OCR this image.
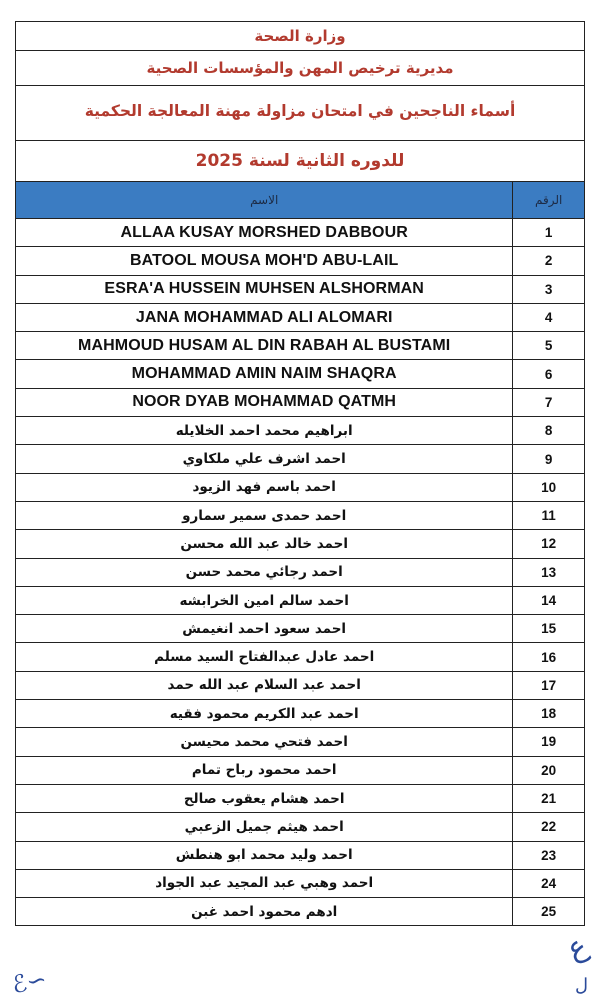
وزارة الصحة
مديرية ترخيص المهن والمؤسسات الصحية
أسماء الناجحين في امتحان مزاولة مهنة المعالجة الحكمية
للدوره الثانية لسنة 2025
الاسم	الرقم
ALLAA KUSAY MORSHED DABBOUR	1
BATOOL MOUSA MOH'D ABU-LAIL	2
ESRA'A HUSSEIN MUHSEN ALSHORMAN	3
JANA MOHAMMAD ALI ALOMARI	4
MAHMOUD HUSAM AL DIN RABAH AL BUSTAMI	5
MOHAMMAD AMIN NAIM SHAQRA	6
NOOR DYAB MOHAMMAD QATMH	7
ابراهيم محمد احمد الخلايله	8
احمد اشرف علي ملكاوي	9
احمد باسم فهد الزيود	10
احمد حمدى سمير سمارو	11
احمد خالد عبد الله محسن	12
احمد رجائي محمد حسن	13
احمد سالم امين الخرابشه	14
احمد سعود احمد انغيمش	15
احمد عادل عبدالفتاح السيد مسلم	16
احمد عبد السلام عبد الله حمد	17
احمد عبد الكريم محمود فقيه	18
احمد فتحي محمد محيسن	19
احمد محمود رباح تمام	20
احمد هشام يعقوب صالح	21
احمد هيثم جميل الزعبي	22
احمد وليد محمد ابو هنطش	23
احمد وهبي عبد المجيد عبد الجواد	24
ادهم محمود احمد غبن	25
ℰ∽
ع
ل
